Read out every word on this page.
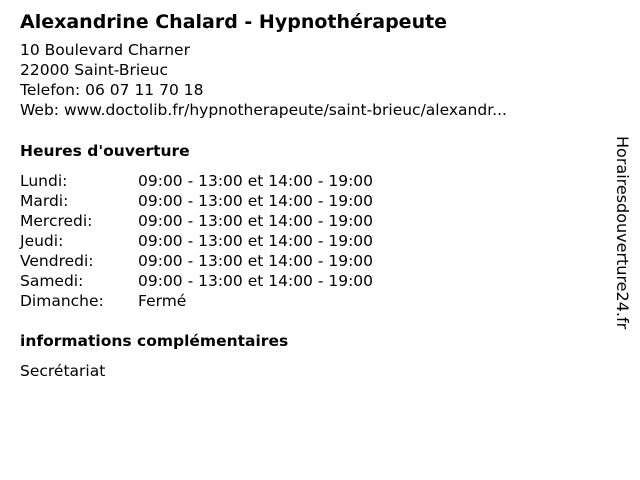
Alexandrine Chalard - Hypnothérapeute
10 Boulevard Charner
22000 Saint-Brieuc
Telefon: 06 07 11 70 18
Web: www.doctolib.fr/hypnotherapeute/saint-brieuc/alexandr...
Heures d'ouverture
Lundi:	09:00 - 13:00 et 14:00 - 19:00
Mardi:	09:00 - 13:00 et 14:00 - 19:00
Mercredi:	09:00 - 13:00 et 14:00 - 19:00
Jeudi:	09:00 - 13:00 et 14:00 - 19:00
Vendredi:	09:00 - 13:00 et 14:00 - 19:00
Samedi:	09:00 - 13:00 et 14:00 - 19:00
Dimanche:	Fermé
informations complémentaires
Secrétariat
Horairesdouverture24.fr
